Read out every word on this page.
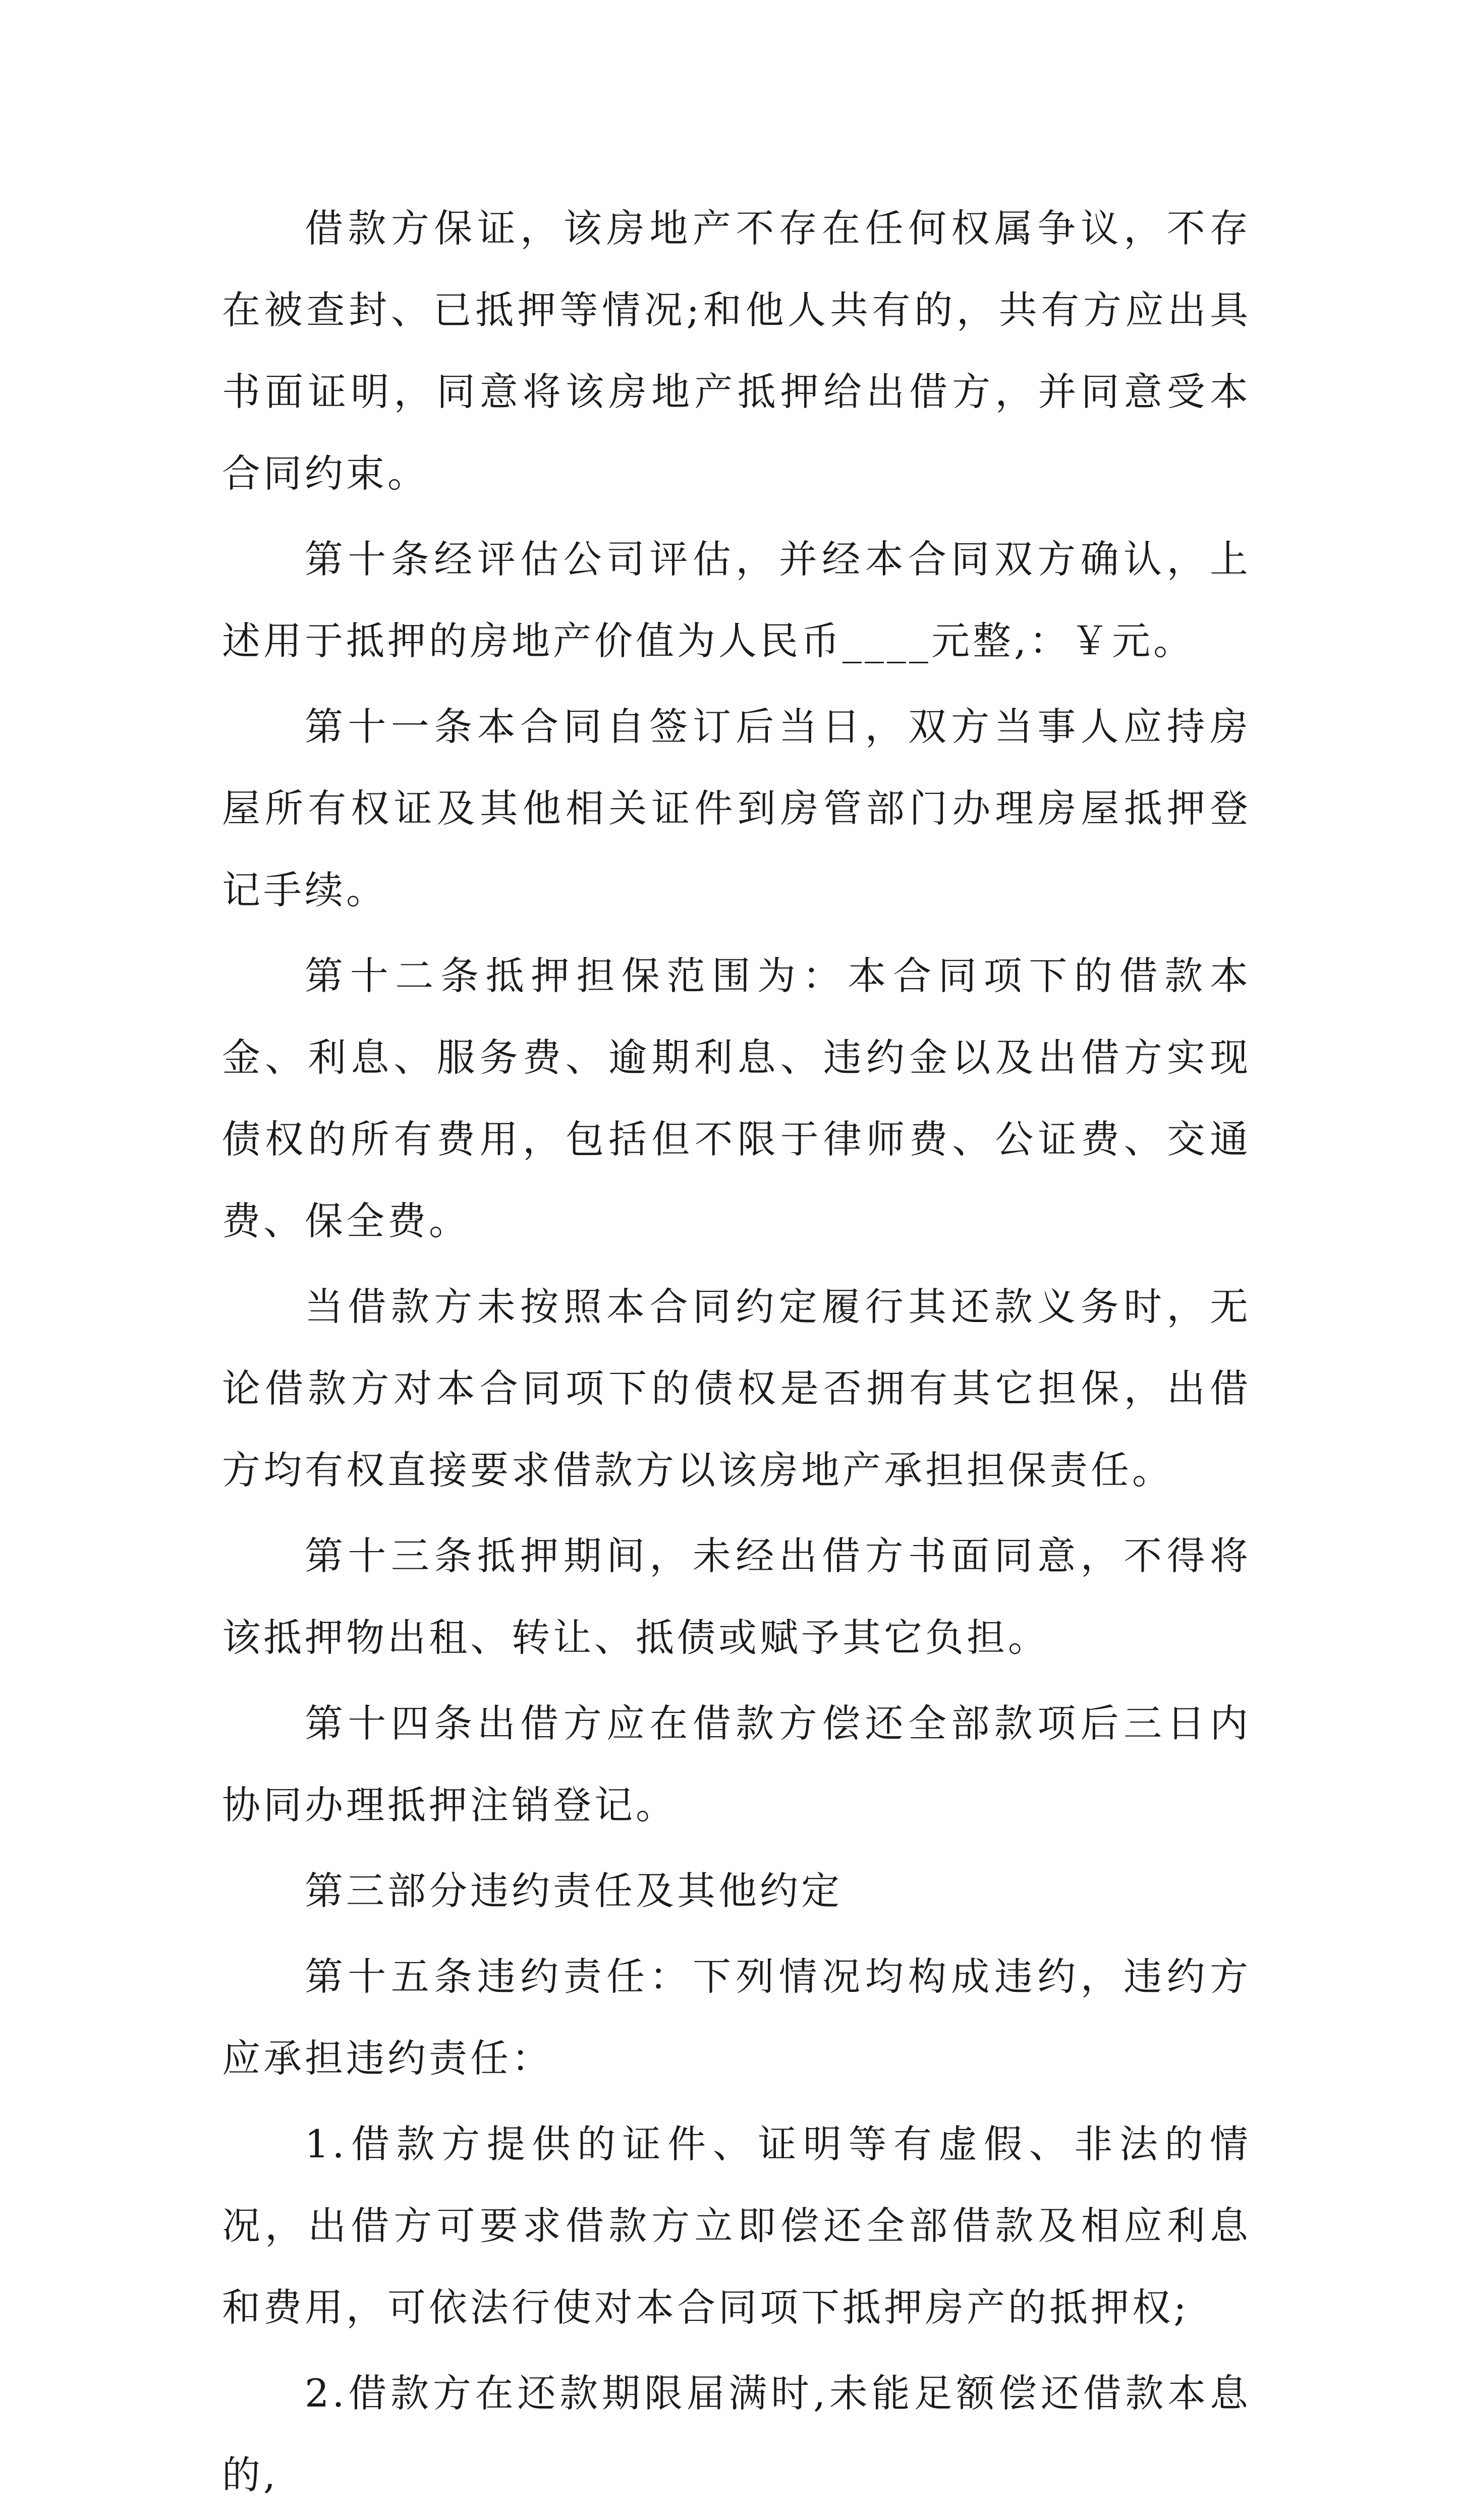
借款方保证，该房地产不存在任何权属争议，不存在被查封、已抵押等情况;和他人共有的，共有方应出具书面证明，同意将该房地产抵押给出借方，并同意受本合同约束。

第十条经评估公司评估，并经本合同双方确认，上述用于抵押的房地产价值为人民币____元整,：￥元。

第十一条本合同自签订后当日，双方当事人应持房屋所有权证及其他相关证件到房管部门办理房屋抵押登记手续。

第十二条抵押担保范围为：本合同项下的借款本金、利息、服务费、逾期利息、违约金以及出借方实现债权的所有费用，包括但不限于律师费、公证费、交通费、保全费。

当借款方未按照本合同约定履行其还款义务时，无论借款方对本合同项下的债权是否拥有其它担保，出借方均有权直接要求借款方以该房地产承担担保责任。

第十三条抵押期间，未经出借方书面同意，不得将该抵押物出租、转让、抵债或赋予其它负担。

第十四条出借方应在借款方偿还全部款项后三日内协同办理抵押注销登记。

第三部分违约责任及其他约定

第十五条违约责任：下列情况均构成违约，违约方应承担违约责任：

1.借款方提供的证件、证明等有虚假、非法的情况，出借方可要求借款方立即偿还全部借款及相应利息和费用，可依法行使对本合同项下抵押房产的抵押权;

2.借款方在还款期限届满时,未能足额偿还借款本息的,
